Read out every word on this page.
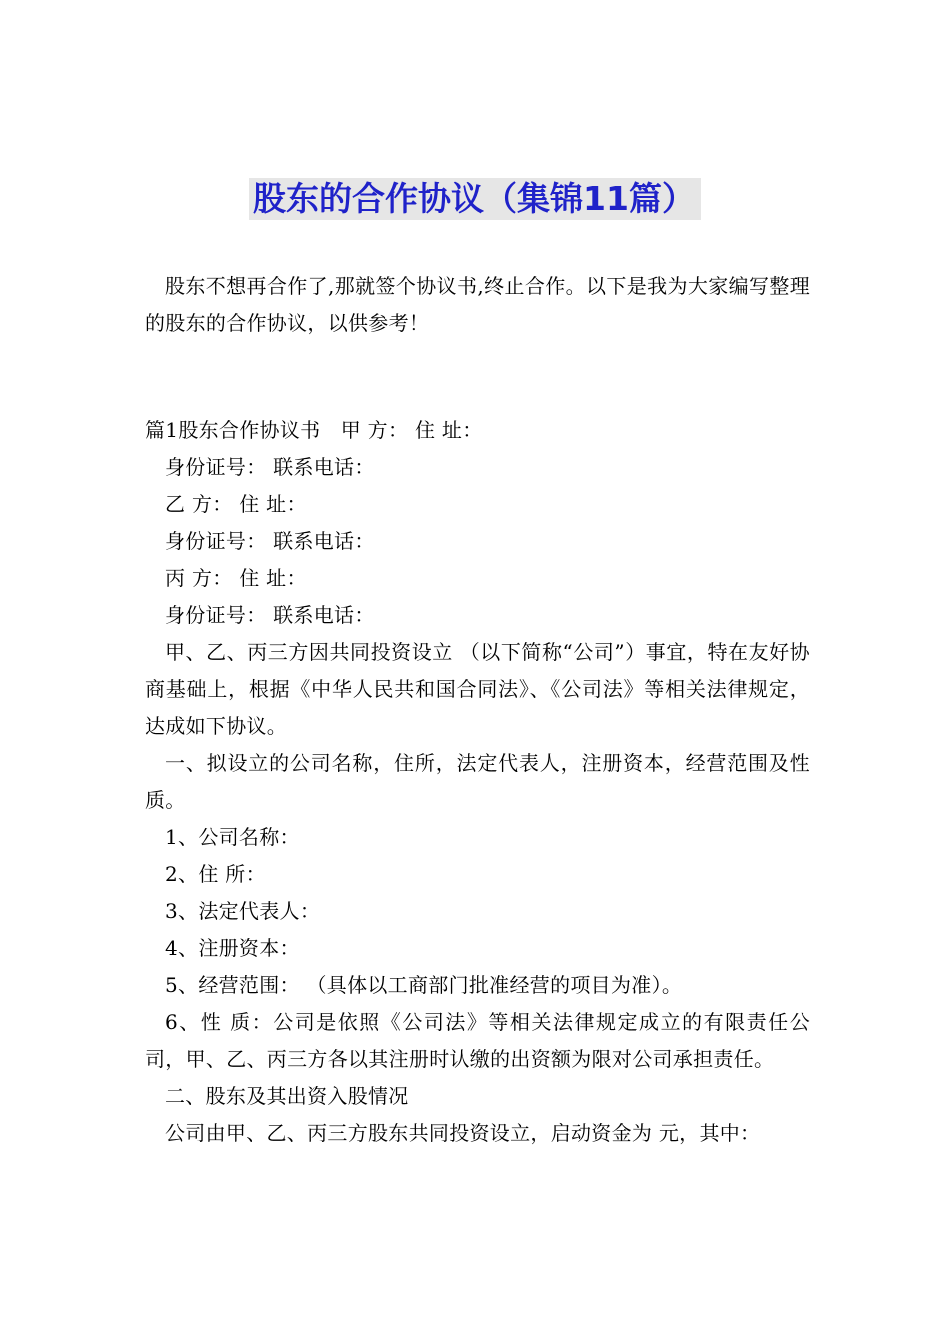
股东的合作协议（集锦11篇）

股东不想再合作了,那就签个协议书,终止合作。以下是我为大家编写整理的股东的合作协议，以供参考！

篇1股东合作协议书　甲 方： 住 址：

身份证号： 联系电话：

乙 方： 住 址：

身份证号： 联系电话：

丙 方： 住 址：

身份证号： 联系电话：

甲、乙、丙三方因共同投资设立 （以下简称“公司”）事宜，特在友好协商基础上，根据《中华人民共和国合同法》、《公司法》等相关法律规定，达成如下协议。

一、拟设立的公司名称，住所，法定代表人，注册资本，经营范围及性质。

1、公司名称：

2、住 所：

3、法定代表人：

4、注册资本：

5、经营范围： （具体以工商部门批准经营的项目为准）。

6、性 质：公司是依照《公司法》等相关法律规定成立的有限责任公司，甲、乙、丙三方各以其注册时认缴的出资额为限对公司承担责任。

二、股东及其出资入股情况

公司由甲、乙、丙三方股东共同投资设立，启动资金为 元，其中：
